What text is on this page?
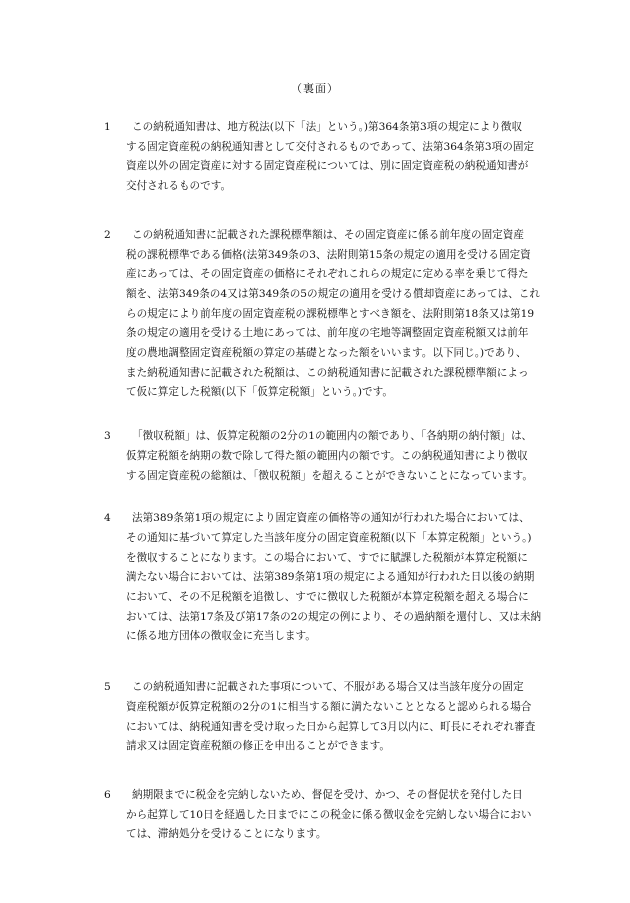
（裏面）
1	この納税通知書は、地方税法(以下「法」という。)第364条第3項の規定により徴収
する固定資産税の納税通知書として交付されるものであって、法第364条第3項の固定
資産以外の固定資産に対する固定資産税については、別に固定資産税の納税通知書が
交付されるものです。
2	この納税通知書に記載された課税標準額は、その固定資産に係る前年度の固定資産
税の課税標準である価格(法第349条の3、法附則第15条の規定の適用を受ける固定資
産にあっては、その固定資産の価格にそれぞれこれらの規定に定める率を乗じて得た
額を、法第349条の4又は第349条の5の規定の適用を受ける償却資産にあっては、これ
らの規定により前年度の固定資産税の課税標準とすべき額を、法附則第18条又は第19
条の規定の適用を受ける土地にあっては、前年度の宅地等調整固定資産税額又は前年
度の農地調整固定資産税額の算定の基礎となった額をいいます。以下同じ。)であり、
また納税通知書に記載された税額は、この納税通知書に記載された課税標準額によっ
て仮に算定した税額(以下「仮算定税額」という。)です。
3	「徴収税額」は、仮算定税額の2分の1の範囲内の額であり、「各納期の納付額」は、
仮算定税額を納期の数で除して得た額の範囲内の額です。この納税通知書により徴収
する固定資産税の総額は、「徴収税額」を超えることができないことになっています。
4	法第389条第1項の規定により固定資産の価格等の通知が行われた場合においては、
その通知に基づいて算定した当該年度分の固定資産税額(以下「本算定税額」という。)
を徴収することになります。この場合において、すでに賦課した税額が本算定税額に
満たない場合においては、法第389条第1項の規定による通知が行われた日以後の納期
において、その不足税額を追徴し、すでに徴収した税額が本算定税額を超える場合に
おいては、法第17条及び第17条の2の規定の例により、その過納額を還付し、又は未納
に係る地方団体の徴収金に充当します。
5	この納税通知書に記載された事項について、不服がある場合又は当該年度分の固定
資産税額が仮算定税額の2分の1に相当する額に満たないこととなると認められる場合
においては、納税通知書を受け取った日から起算して3月以内に、町長にそれぞれ審査
請求又は固定資産税額の修正を申出ることができます。
6	納期限までに税金を完納しないため、督促を受け、かつ、その督促状を発付した日
から起算して10日を経過した日までにこの税金に係る徴収金を完納しない場合におい
ては、滞納処分を受けることになります。
